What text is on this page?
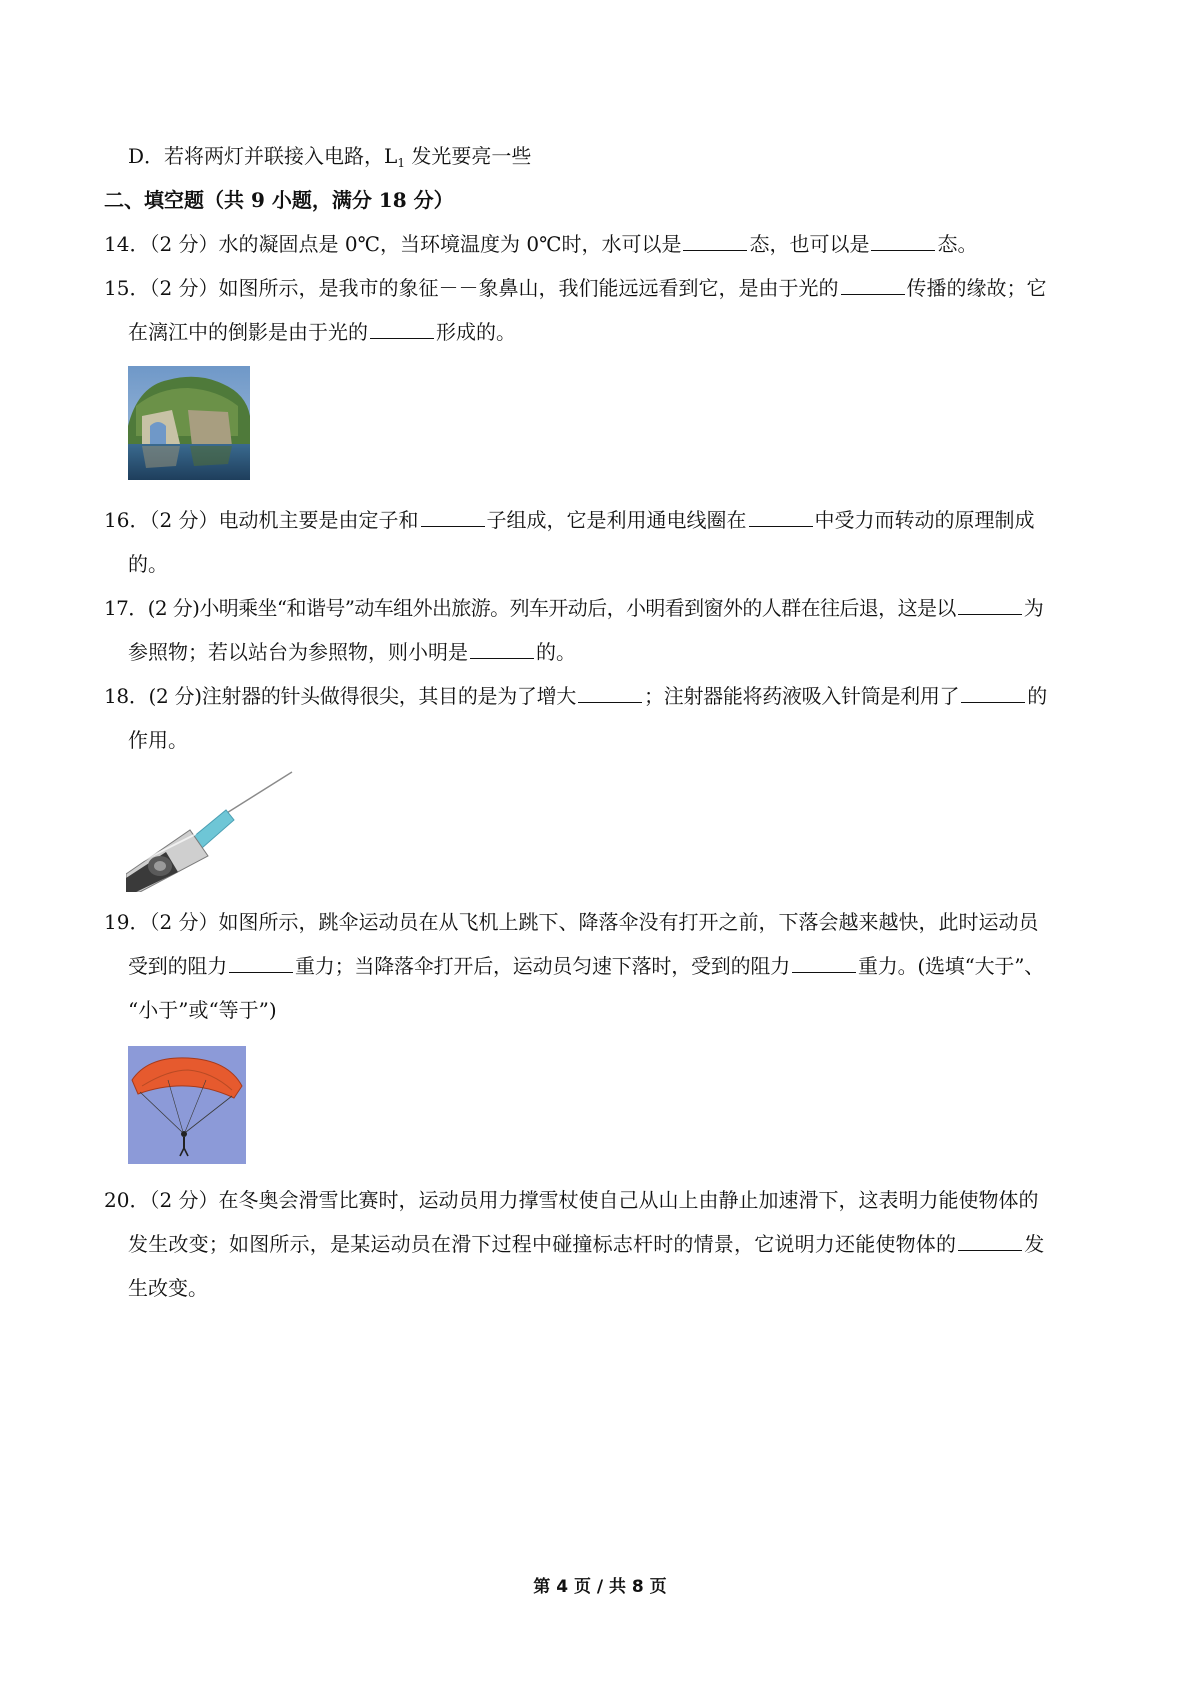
D．若将两灯并联接入电路，$L_1$ 发光要亮一些
二、填空题（共 9 小题，满分 18 分）
14．（2 分）水的凝固点是 0℃，当环境温度为 0℃时，水可以是	态，也可以是	态。
15．（2 分）如图所示，是我市的象征－－象鼻山，我们能远远看到它，是由于光的	传播的缘故；它
在漓江中的倒影是由于光的	形成的。
16．（2 分）电动机主要是由定子和	子组成，它是利用通电线圈在	中受力而转动的原理制成
的。
17．(2 分)小明乘坐“和谐号”动车组外出旅游。列车开动后，小明看到窗外的人群在往后退，这是以	为
参照物；若以站台为参照物，则小明是	的。
18．(2 分)注射器的针头做得很尖，其目的是为了增大	；注射器能将药液吸入针筒是利用了	的
作用。
19．（2 分）如图所示，跳伞运动员在从飞机上跳下、降落伞没有打开之前，下落会越来越快，此时运动员
受到的阻力	重力；当降落伞打开后，运动员匀速下落时，受到的阻力	重力。(选填“大于”、
“小于”或“等于”)
20．（2 分）在冬奥会滑雪比赛时，运动员用力撑雪杖使自己从山上由静止加速滑下，这表明力能使物体的
发生改变；如图所示，是某运动员在滑下过程中碰撞标志杆时的情景，它说明力还能使物体的	发
生改变。
第 4 页 / 共 8 页
